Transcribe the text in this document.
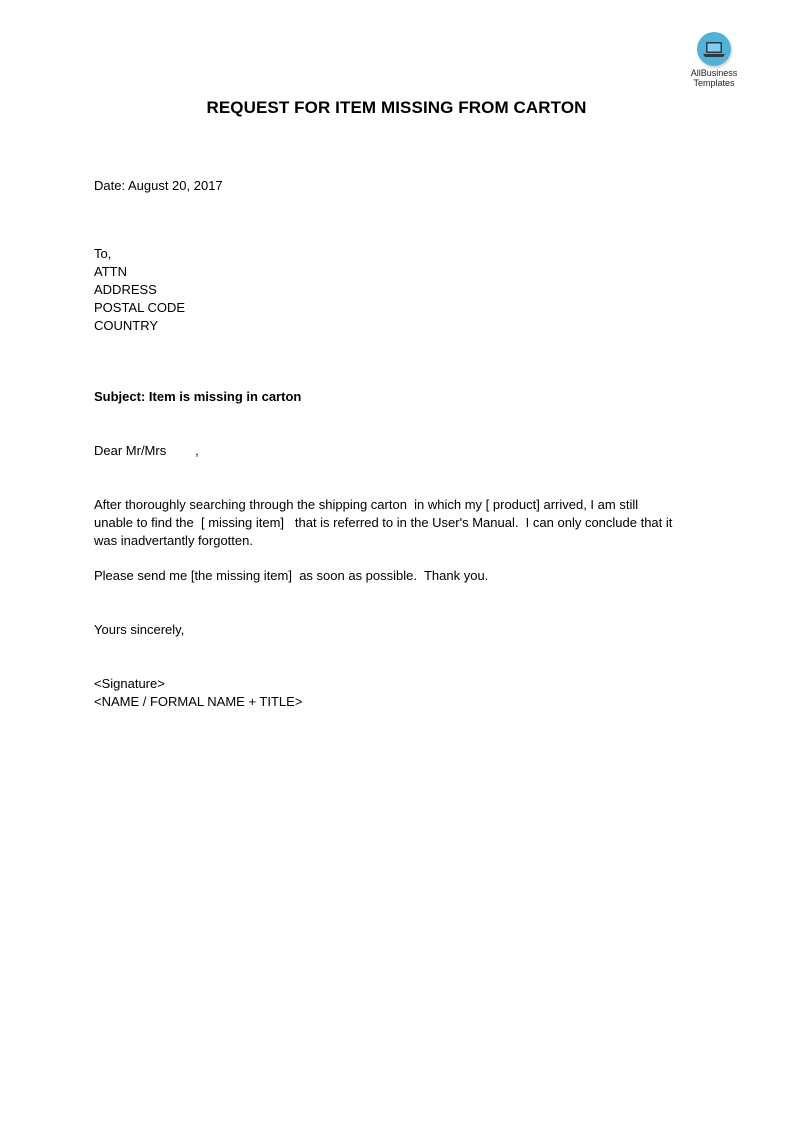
AllBusiness
Templates
REQUEST FOR ITEM MISSING FROM CARTON
Date: August 20, 2017
To,
ATTN
ADDRESS
POSTAL CODE
COUNTRY
Subject: Item is missing in carton
Dear Mr/Mrs        ,
After thoroughly searching through the shipping carton  in which my [ product] arrived, I am still
unable to find the  [ missing item]   that is referred to in the User's Manual.  I can only conclude that it
was inadvertantly forgotten.
Please send me [the missing item]  as soon as possible.  Thank you.
Yours sincerely,
<Signature>
<NAME / FORMAL NAME + TITLE>
